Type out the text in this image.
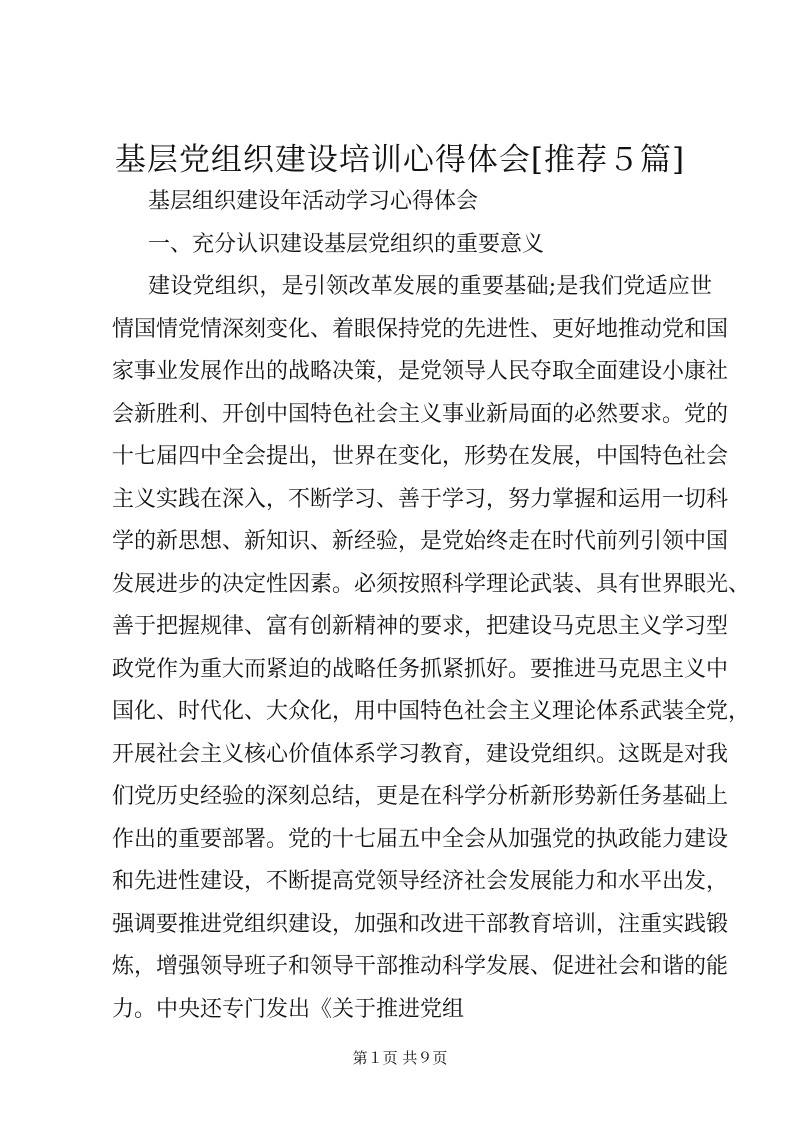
基层党组织建设培训心得体会[推荐５篇]
基层组织建设年活动学习心得体会
一、充分认识建设基层党组织的重要意义
建设党组织，是引领改革发展的重要基础;是我们党适应世
情国情党情深刻变化、着眼保持党的先进性、更好地推动党和国
家事业发展作出的战略决策，是党领导人民夺取全面建设小康社
会新胜利、开创中国特色社会主义事业新局面的必然要求。党的
十七届四中全会提出，世界在变化，形势在发展，中国特色社会
主义实践在深入，不断学习、善于学习，努力掌握和运用一切科
学的新思想、新知识、新经验，是党始终走在时代前列引领中国
发展进步的决定性因素。必须按照科学理论武装、具有世界眼光、
善于把握规律、富有创新精神的要求，把建设马克思主义学习型
政党作为重大而紧迫的战略任务抓紧抓好。要推进马克思主义中
国化、时代化、大众化，用中国特色社会主义理论体系武装全党，
开展社会主义核心价值体系学习教育，建设党组织。这既是对我
们党历史经验的深刻总结，更是在科学分析新形势新任务基础上
作出的重要部署。党的十七届五中全会从加强党的执政能力建设
和先进性建设，不断提高党领导经济社会发展能力和水平出发，
强调要推进党组织建设，加强和改进干部教育培训，注重实践锻
炼，增强领导班子和领导干部推动科学发展、促进社会和谐的能
力。中央还专门发出《关于推进党组
第１页 共９页
